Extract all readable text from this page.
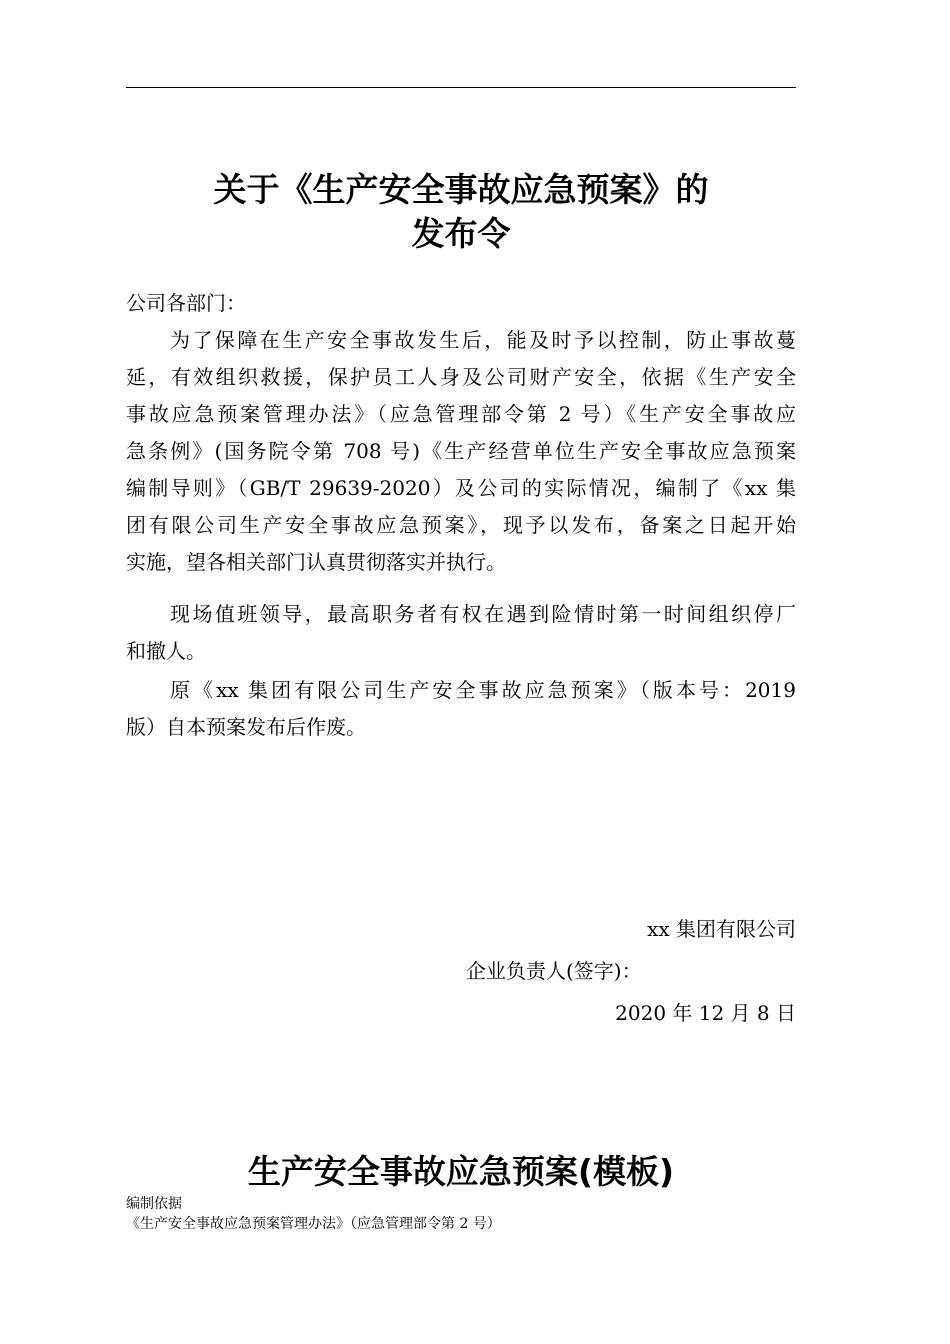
关于《生产安全事故应急预案》的
发布令
公司各部门：
为了保障在生产安全事故发生后，能及时予以控制，防止事故蔓
延，有效组织救援，保护员工人身及公司财产安全，依据《生产安全
事故应急预案管理办法》（应急管理部令第 2 号）《生产安全事故应
急条例》(国务院令第 708 号)《生产经营单位生产安全事故应急预案
编制导则》（GB/T 29639-2020）及公司的实际情况，编制了《xx 集
团有限公司生产安全事故应急预案》，现予以发布，备案之日起开始
实施，望各相关部门认真贯彻落实并执行。
现场值班领导，最高职务者有权在遇到险情时第一时间组织停厂
和撤人。
原《xx 集团有限公司生产安全事故应急预案》（版本号：2019
版）自本预案发布后作废。
xx 集团有限公司
企业负责人(签字)：
2020 年 12 月 8 日
生产安全事故应急预案(模板)
编制依据
《生产安全事故应急预案管理办法》（应急管理部令第 2 号）
